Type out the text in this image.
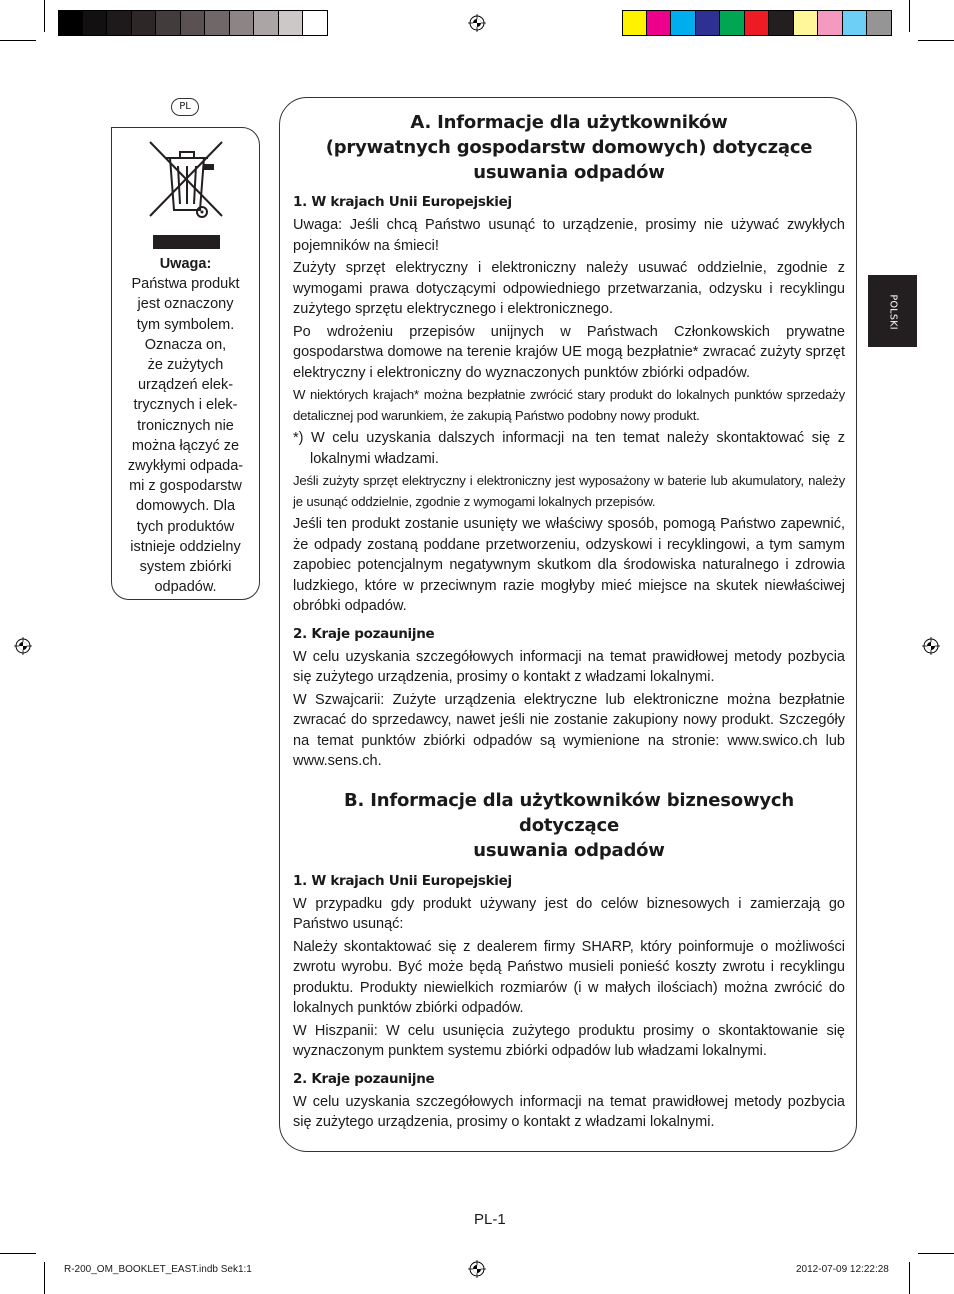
PL
Uwaga:
Państwa produkt
jest oznaczony
tym symbolem.
Oznacza on,
że zużytych
urządzeń elek-
trycznych i elek-
tronicznych nie
można łączyć ze
zwykłymi odpada-
mi z gospodarstw
domowych. Dla
tych produktów
istnieje oddzielny
system zbiórki
odpadów.
A. Informacje dla użytkowników
(prywatnych gospodarstw domowych) dotyczące
usuwania odpadów
1. W krajach Unii Europejskiej

Uwaga: Jeśli chcą Państwo usunąć to urządzenie, prosimy nie używać zwykłych pojemników na śmieci!

Zużyty sprzęt elektryczny i elektroniczny należy usuwać oddzielnie, zgodnie z wymogami prawa dotyczącymi odpowiedniego przetwarzania, odzysku i recyklingu zużytego sprzętu elektrycznego i elektronicznego.

Po wdrożeniu przepisów unijnych w Państwach Członkowskich prywatne gospodarstwa domowe na terenie krajów UE mogą bezpłatnie* zwracać zużyty sprzęt elektryczny i elektroniczny do wyznaczonych punktów zbiórki odpadów.

W niektórych krajach* można bezpłatnie zwrócić stary produkt do lokalnych punktów sprzedaży detalicznej pod warunkiem, że zakupią Państwo podobny nowy produkt.

*) W celu uzyskania dalszych informacji na ten temat należy skontaktować się z lokalnymi władzami.

Jeśli zużyty sprzęt elektryczny i elektroniczny jest wyposażony w baterie lub akumulatory, należy je usunąć oddzielnie, zgodnie z wymogami lokalnych przepisów.

Jeśli ten produkt zostanie usunięty we właściwy sposób, pomogą Państwo zapewnić, że odpady zostaną poddane przetworzeniu, odzyskowi i recyklingowi, a tym samym zapobiec potencjalnym negatywnym skutkom dla środowiska naturalnego i zdrowia ludzkiego, które w przeciwnym razie mogłyby mieć miejsce na skutek niewłaściwej obróbki odpadów.

2. Kraje pozaunijne

W celu uzyskania szczegółowych informacji na temat prawidłowej metody pozbycia się zużytego urządzenia, prosimy o kontakt z władzami lokalnymi.

W Szwajcarii: Zużyte urządzenia elektryczne lub elektroniczne można bezpłatnie zwracać do sprzedawcy, nawet jeśli nie zostanie zakupiony nowy produkt. Szczegóły na temat punktów zbiórki odpadów są wymienione na stronie: www.swico.ch lub www.sens.ch.

B. Informacje dla użytkowników biznesowych dotyczące
usuwania odpadów
1. W krajach Unii Europejskiej

W przypadku gdy produkt używany jest do celów biznesowych i zamierzają go Państwo usunąć:

Należy skontaktować się z dealerem firmy SHARP, który poinformuje o możliwości zwrotu wyrobu. Być może będą Państwo musieli ponieść koszty zwrotu i recyklingu produktu. Produkty niewielkich rozmiarów (i w małych ilościach) można zwrócić do lokalnych punktów zbiórki odpadów.

W Hiszpanii: W celu usunięcia zużytego produktu prosimy o skontaktowanie się wyznaczonym punktem systemu zbiórki odpadów lub władzami lokalnymi.

2. Kraje pozaunijne

W celu uzyskania szczegółowych informacji na temat prawidłowej metody pozbycia się zużytego urządzenia, prosimy o kontakt z władzami lokalnymi.

POLSKI
PL-1
R-200_OM_BOOKLET_EAST.indb Sek1:1	2012-07-09 12:22:28
